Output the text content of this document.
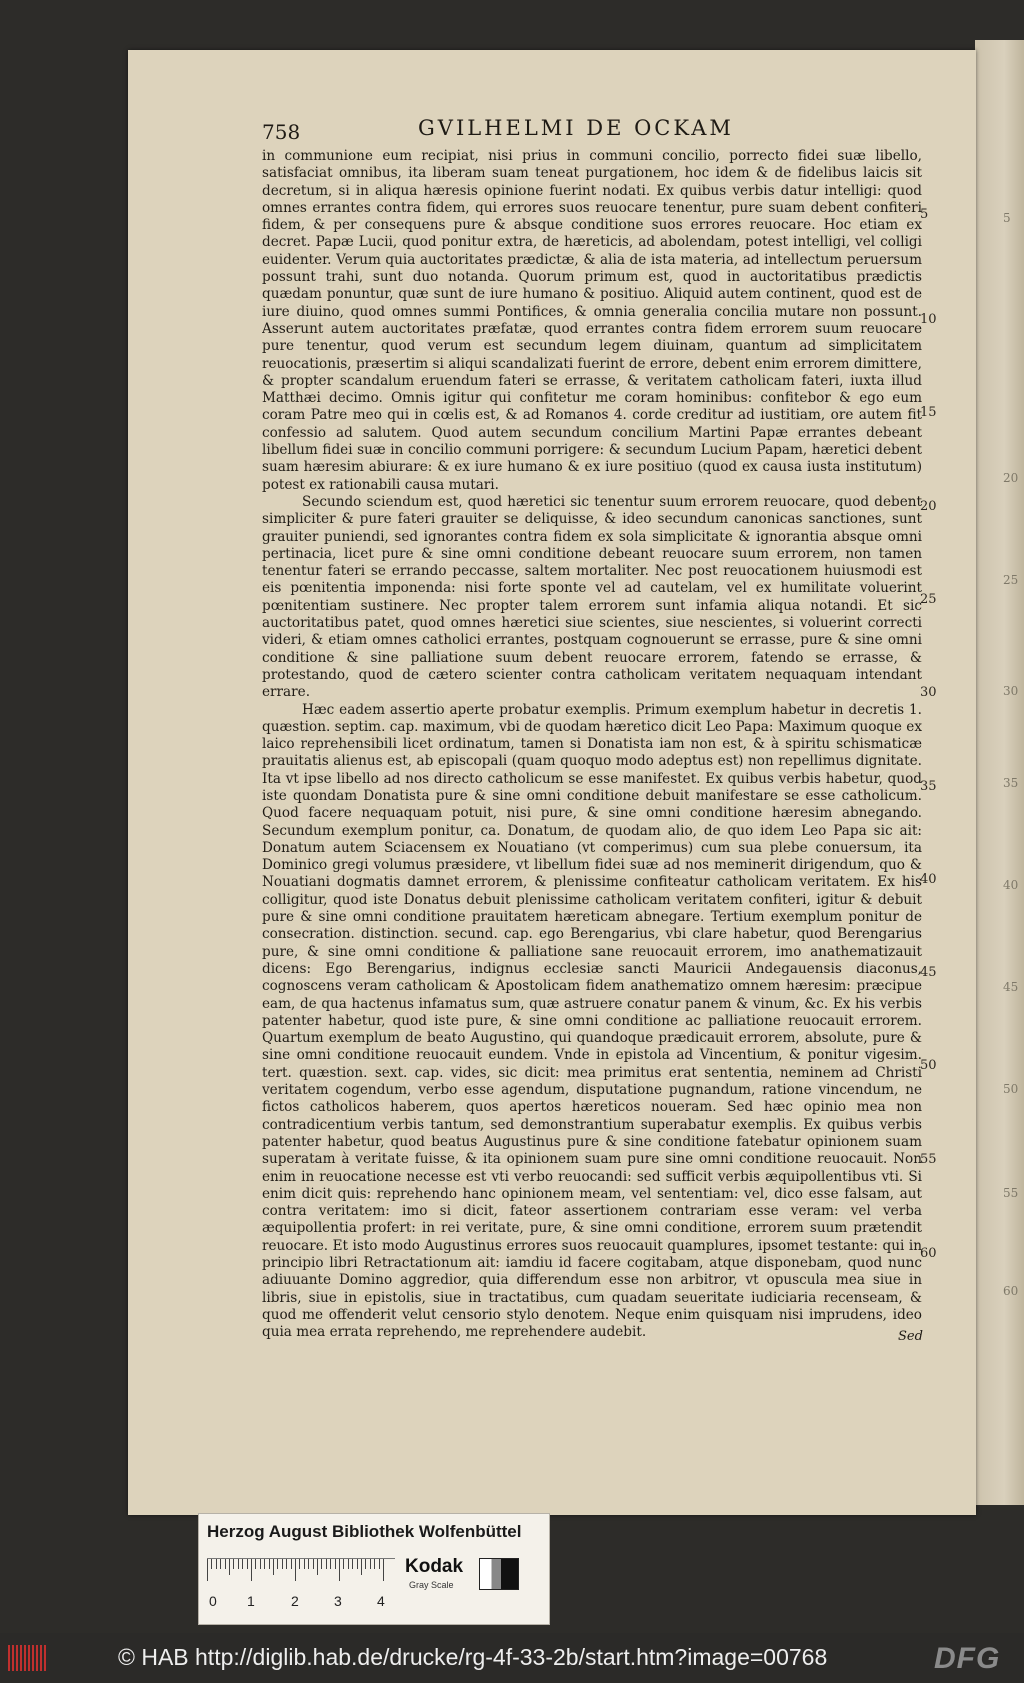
5
20
25
30
35
40
45
50
55
60
758	GVILHELMI DE OCKAM

in communione eum recipiat, nisi prius in communi concilio, porrecto fidei suæ libello, satisfaciat omnibus, ita liberam suam teneat purgationem, hoc idem & de fidelibus laicis sit decretum, si in aliqua hæresis opinione fuerint nodati. Ex quibus verbis datur intelligi: quod omnes errantes contra fidem, qui errores suos reuocare tenentur, pure suam debent confiteri fidem, & per consequens pure & absque conditione suos errores reuocare. Hoc etiam ex decret. Papæ Lucii, quod ponitur extra, de hæreticis, ad abolendam, potest intelligi, vel colligi euidenter. Verum quia auctoritates prædictæ, & alia de ista materia, ad intellectum peruersum possunt trahi, sunt duo notanda. Quorum primum est, quod in auctoritatibus prædictis quædam ponuntur, quæ sunt de iure humano & positiuo. Aliquid autem continent, quod est de iure diuino, quod omnes summi Pontifices, & omnia generalia concilia mutare non possunt. Asserunt autem auctoritates præfatæ, quod errantes contra fidem errorem suum reuocare pure tenentur, quod verum est secundum legem diuinam, quantum ad simplicitatem reuocationis, præsertim si aliqui scandalizati fuerint de errore, debent enim errorem dimittere, & propter scandalum eruendum fateri se errasse, & veritatem catholicam fateri, iuxta illud Matthæi decimo. Omnis igitur qui confitetur me coram hominibus: confitebor & ego eum coram Patre meo qui in cœlis est, & ad Romanos 4. corde creditur ad iustitiam, ore autem fit confessio ad salutem. Quod autem secundum concilium Martini Papæ errantes debeant libellum fidei suæ in concilio communi porrigere: & secundum Lucium Papam, hæretici debent suam hæresim abiurare: & ex iure humano & ex iure positiuo (quod ex causa iusta institutum) potest ex rationabili causa mutari.

Secundo sciendum est, quod hæretici sic tenentur suum errorem reuocare, quod debent simpliciter & pure fateri grauiter se deliquisse, & ideo secundum canonicas sanctiones, sunt grauiter puniendi, sed ignorantes contra fidem ex sola simplicitate & ignorantia absque omni pertinacia, licet pure & sine omni conditione debeant reuocare suum errorem, non tamen tenentur fateri se errando peccasse, saltem mortaliter. Nec post reuocationem huiusmodi est eis pœnitentia imponenda: nisi forte sponte vel ad cautelam, vel ex humilitate voluerint pœnitentiam sustinere. Nec propter talem errorem sunt infamia aliqua notandi. Et sic auctoritatibus patet, quod omnes hæretici siue scientes, siue nescientes, si voluerint correcti videri, & etiam omnes catholici errantes, postquam cognouerunt se errasse, pure & sine omni conditione & sine palliatione suum debent reuocare errorem, fatendo se errasse, & protestando, quod de cætero scienter contra catholicam veritatem nequaquam intendant errare.

Hæc eadem assertio aperte probatur exemplis. Primum exemplum habetur in decretis 1. quæstion. septim. cap. maximum, vbi de quodam hæretico dicit Leo Papa: Maximum quoque ex laico reprehensibili licet ordinatum, tamen si Donatista iam non est, & à spiritu schismaticæ prauitatis alienus est, ab episcopali (quam quoquo modo adeptus est) non repellimus dignitate. Ita vt ipse libello ad nos directo catholicum se esse manifestet. Ex quibus verbis habetur, quod iste quondam Donatista pure & sine omni conditione debuit manifestare se esse catholicum. Quod facere nequaquam potuit, nisi pure, & sine omni conditione hæresim abnegando. Secundum exemplum ponitur, ca. Donatum, de quodam alio, de quo idem Leo Papa sic ait: Donatum autem Sciacensem ex Nouatiano (vt comperimus) cum sua plebe conuersum, ita Dominico gregi volumus præsidere, vt libellum fidei suæ ad nos meminerit dirigendum, quo & Nouatiani dogmatis damnet errorem, & plenissime confiteatur catholicam veritatem. Ex his colligitur, quod iste Donatus debuit plenissime catholicam veritatem confiteri, igitur & debuit pure & sine omni conditione prauitatem hæreticam abnegare. Tertium exemplum ponitur de consecration. distinction. secund. cap. ego Berengarius, vbi clare habetur, quod Berengarius pure, & sine omni conditione & palliatione sane reuocauit errorem, imo anathematizauit dicens: Ego Berengarius, indignus ecclesiæ sancti Mauricii Andegauensis diaconus, cognoscens veram catholicam & Apostolicam fidem anathematizo omnem hæresim: præcipue eam, de qua hactenus infamatus sum, quæ astruere conatur panem & vinum, &c. Ex his verbis patenter habetur, quod iste pure, & sine omni conditione ac palliatione reuocauit errorem. Quartum exemplum de beato Augustino, qui quandoque prædicauit errorem, absolute, pure & sine omni conditione reuocauit eundem. Vnde in epistola ad Vincentium, & ponitur vigesim. tert. quæstion. sext. cap. vides, sic dicit: mea primitus erat sententia, neminem ad Christi veritatem cogendum, verbo esse agendum, disputatione pugnandum, ratione vincendum, ne fictos catholicos haberem, quos apertos hæreticos noueram. Sed hæc opinio mea non contradicentium verbis tantum, sed demonstrantium superabatur exemplis. Ex quibus verbis patenter habetur, quod beatus Augustinus pure & sine conditione fatebatur opinionem suam superatam à veritate fuisse, & ita opinionem suam pure sine omni conditione reuocauit. Non enim in reuocatione necesse est vti verbo reuocandi: sed sufficit verbis æquipollentibus vti. Si enim dicit quis: reprehendo hanc opinionem meam, vel sententiam: vel, dico esse falsam, aut contra veritatem: imo si dicit, fateor assertionem contrariam esse veram: vel verba æquipollentia profert: in rei veritate, pure, & sine omni conditione, errorem suum prætendit reuocare. Et isto modo Augustinus errores suos reuocauit quamplures, ipsomet testante: qui in principio libri Retractationum ait: iamdiu id facere cogitabam, atque disponebam, quod nunc adiuuante Domino aggredior, quia differendum esse non arbitror, vt opuscula mea siue in libris, siue in epistolis, siue in tractatibus, cum quadam seueritate iudiciaria recenseam, & quod me offenderit velut censorio stylo denotem. Neque enim quisquam nisi imprudens, ideo quia mea errata reprehendo, me reprehendere audebit.

5
10
15
20
25
30
35
40
45
50
55
60
Sed
Herzog August Bibliothek Wolfenbüttel
0 1	2	3	4
Kodak
Gray Scale
© HAB http://diglib.hab.de/drucke/rg-4f-33-2b/start.htm?image=00768	DFG
